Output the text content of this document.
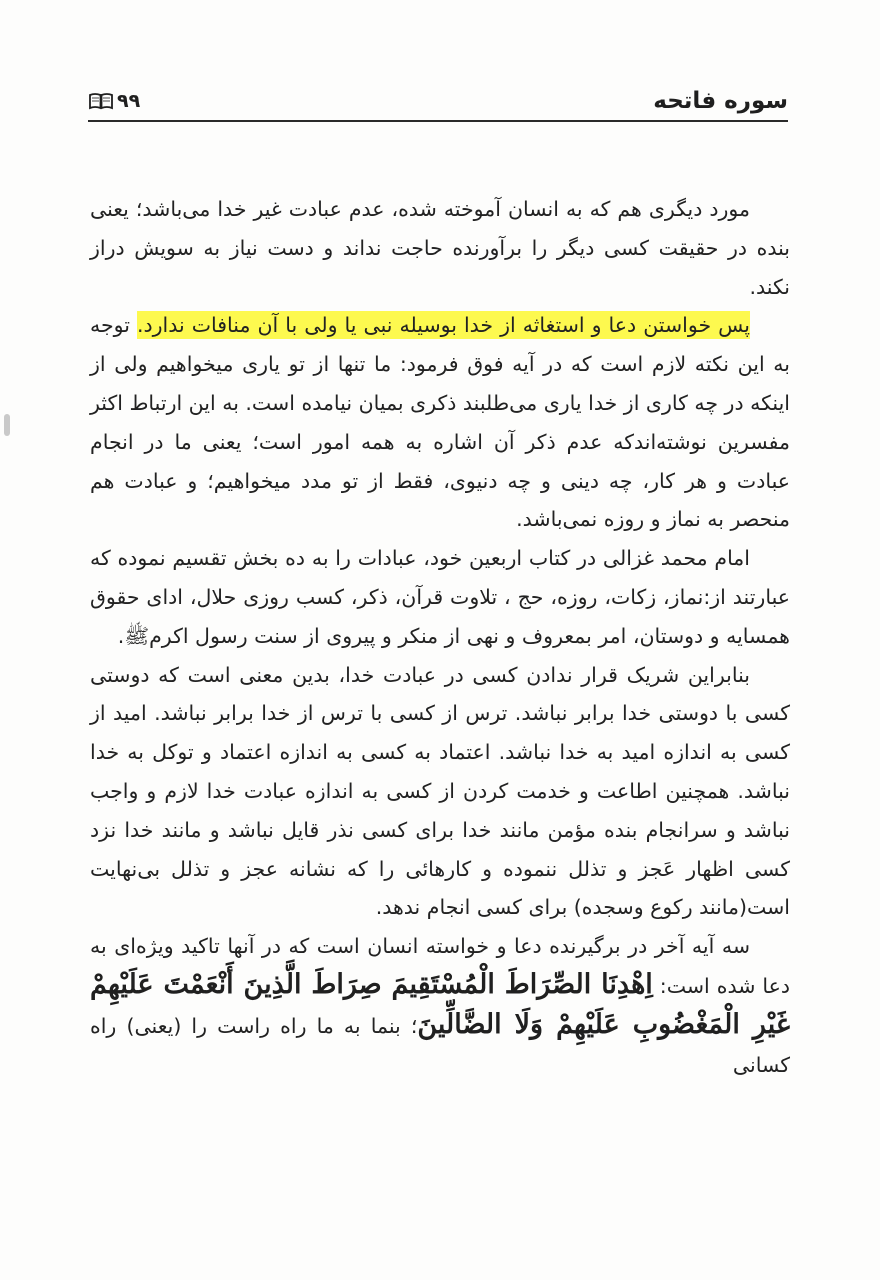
سوره فاتحه
۹۹

مورد دیگری هم که به انسان آموخته شده، عدم عبادت غیر خدا می‌باشد؛ یعنی بنده در حقیقت کسی دیگر را برآورنده حاجت نداند و دست نیاز به سویش دراز نکند.

پس خواستن دعا و استغاثه از خدا بوسیله نبی یا ولی با آن منافات ندارد. توجه به این نکته لازم است که در آیه فوق فرمود: ما تنها از تو یاری میخواهیم ولی از اینکه در چه کاری از خدا یاری می‌طلبند ذکری بمیان نیامده است. به این ارتباط اکثر مفسرین نوشته‌اندکه عدم ذکر آن اشاره به همه امور است؛ یعنی ما در انجام عبادت و هر کار، چه دینی و چه دنیوی، فقط از تو مدد میخواهیم؛ و عبادت هم منحصر به نماز و روزه نمی‌باشد.

امام محمد غزالی در کتاب اربعین خود، عبادات را به ده بخش تقسیم نموده که عبارتند از:نماز، زکات، روزه، حج ، تلاوت قرآن، ذکر، کسب روزی حلال، ادای حقوق همسایه و دوستان، امر بمعروف و نهی از منکر و پیروی از سنت رسول اکرمﷺ.

بنابراین شریک قرار ندادن کسی در عبادت خدا، بدین معنی است که دوستی کسی با دوستی خدا برابر نباشد. ترس از کسی با ترس از خدا برابر نباشد. امید از کسی به اندازه امید به خدا نباشد. اعتماد به کسی به اندازه اعتماد و توکل به خدا نباشد. همچنین اطاعت و خدمت کردن از کسی به اندازه عبادت خدا لازم و واجب نباشد و سرانجام بنده مؤمن مانند خدا برای کسی نذر قایل نباشد و مانند خدا نزد کسی اظهار عَجز و تذلل ننموده و کارهائی را که نشانه عجز و تذلل بی‌نهایت است(مانند رکوع وسجده) برای کسی انجام ندهد.

سه آیه آخر در برگیرنده دعا و خواسته انسان است که در آنها تاکید ویژه‌ای به دعا شده است: اِهْدِنَا الصِّرَاطَ الْمُسْتَقِيمَ صِرَاطَ الَّذِينَ أَنْعَمْتَ عَلَيْهِمْ غَيْرِ الْمَغْضُوبِ عَلَيْهِمْ وَلَا الضَّالِّينَ؛ بنما به ما راه راست را (یعنی) راه کسانی
